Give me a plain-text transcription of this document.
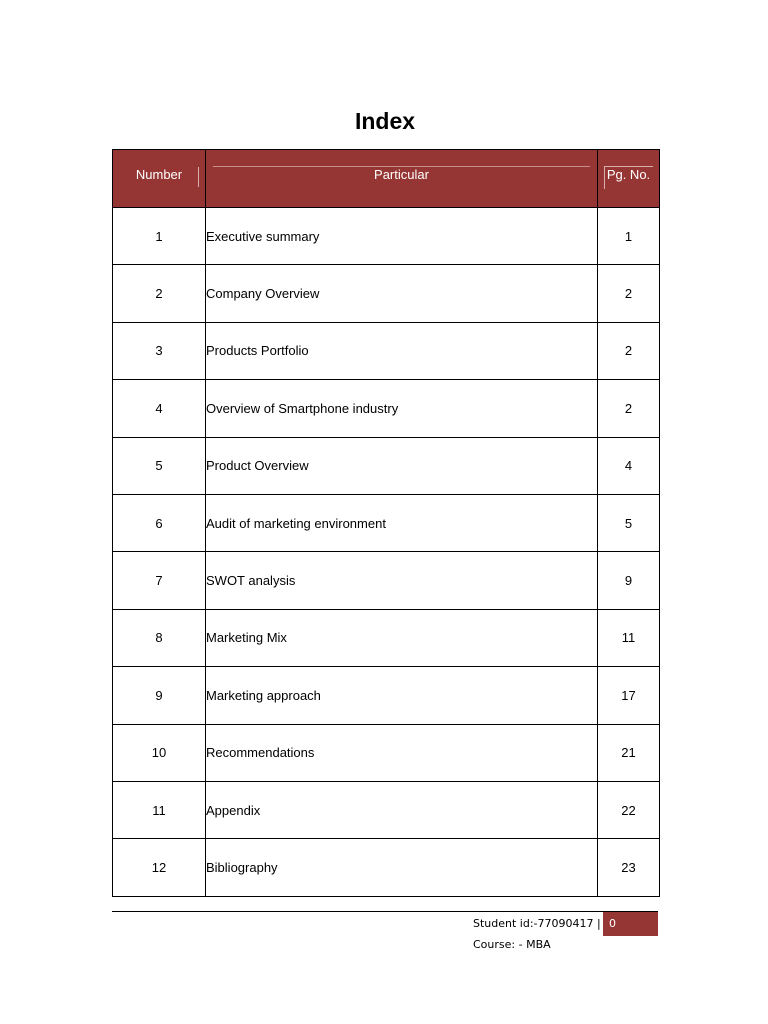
Index
Number	Particular	Pg. No.

1	Executive summary	1
2	Company Overview	2
3	Products Portfolio	2
4	Overview of Smartphone industry	2
5	Product Overview	4
6	Audit of marketing environment	5
7	SWOT analysis	9
8	Marketing Mix	11
9	Marketing approach	17
10	Recommendations	21
11	Appendix	22
12	Bibliography	23
Student id:-77090417 | 0
Course: - MBA
